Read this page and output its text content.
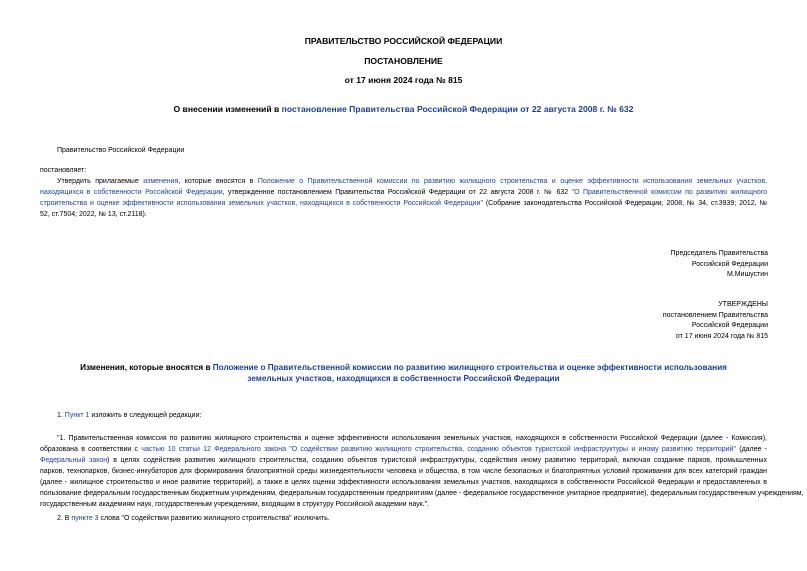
ПРАВИТЕЛЬСТВО РОССИЙСКОЙ ФЕДЕРАЦИИ
ПОСТАНОВЛЕНИЕ
от 17 июня 2024 года № 815
О внесении изменений в постановление Правительства Российской Федерации от 22 августа 2008 г. № 632
Правительство Российской Федерации
постановляет:
Утвердить прилагаемые изменения, которые вносятся в Положение о Правительственной комиссии по развитию жилищного строительства и оценке эффективности использования земельных участков,
находящихся в собственности Российской Федерации, утвержденное постановлением Правительства Российской Федерации от 22 августа 2008 г. № 632 "О Правительственной комиссии по развитию жилищного
строительства и оценке эффективности использования земельных участков, находящихся в собственности Российской Федерации" (Собрание законодательства Российской Федерации, 2008, № 34, ст.3939; 2012, №
52, ст.7504; 2022, № 13, ст.2118).
Председатель Правительства
Российской Федерации
М.Мишустин
УТВЕРЖДЕНЫ
постановлением Правительства
Российской Федерации
от 17 июня 2024 года № 815
Изменения, которые вносятся в Положение о Правительственной комиссии по развитию жилищного строительства и оценке эффективности использования
земельных участков, находящихся в собственности Российской Федерации
1. Пункт 1 изложить в следующей редакции:
"1. Правительственная комиссия по развитию жилищного строительства и оценке эффективности использования земельных участков, находящихся в собственности Российской Федерации (далее - Комиссия),
образована в соответствии с частью 10 статьи 12 Федерального закона "О содействии развитию жилищного строительства, созданию объектов туристской инфраструктуры и иному развитию территорий" (далее -
Федеральный закон) в целях содействия развитию жилищного строительства, созданию объектов туристской инфраструктуры, содействия иному развитию территорий, включая создание парков, промышленных
парков, технопарков, бизнес-инкубаторов для формирования благоприятной среды жизнедеятельности человека и общества, в том числе безопасных и благоприятных условий проживания для всех категорий граждан
(далее - жилищное строительство и иное развитие территорий), а также в целях оценки эффективности использования земельных участков, находящихся в собственности Российской Федерации и предоставленных в
пользование федеральным государственным бюджетным учреждениям, федеральным государственным предприятиям (далее - федеральное государственное унитарное предприятие), федеральным государственным учреждениям,
государственным академиям наук, государственным учреждениям, входящим в структуру Российской академии наук.".
2. В пункте 3 слова "О содействии развитию жилищного строительства" исключить.
